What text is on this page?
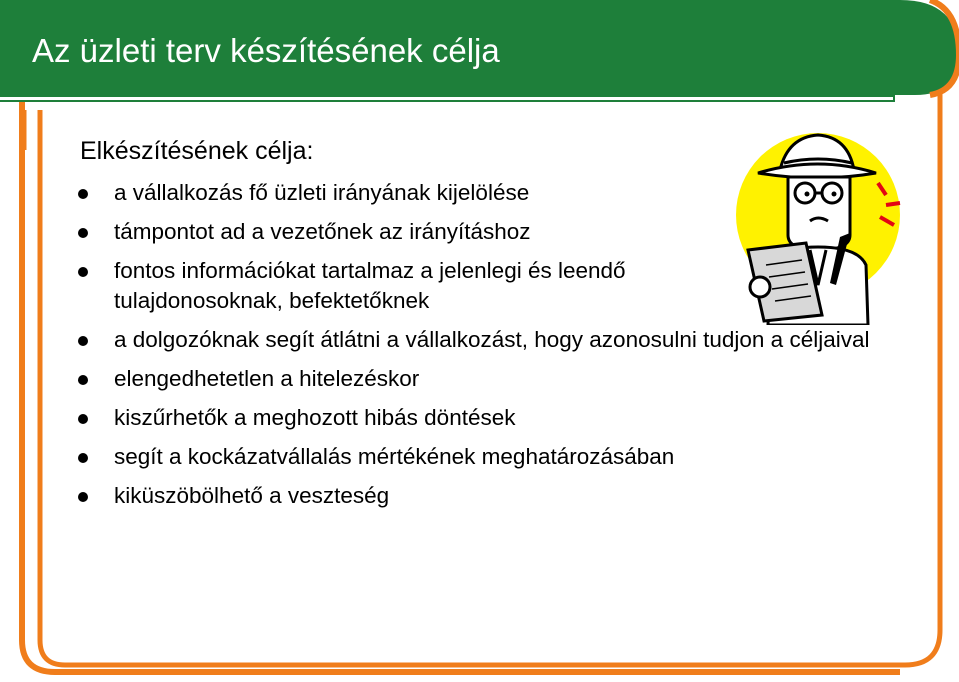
Az üzleti terv készítésének célja
Elkészítésének célja:
a vállalkozás fő üzleti irányának kijelölése
támpontot ad a vezetőnek az irányításhoz
fontos információkat tartalmaz a jelenlegi és leendő tulajdonosoknak, befektetőknek
a dolgozóknak segít átlátni a vállalkozást, hogy azonosulni tudjon a céljaival
elengedhetetlen a hitelezéskor
kiszűrhetők a meghozott hibás döntések
segít a kockázatvállalás mértékének meghatározásában
kiküszöbölhető a veszteség
